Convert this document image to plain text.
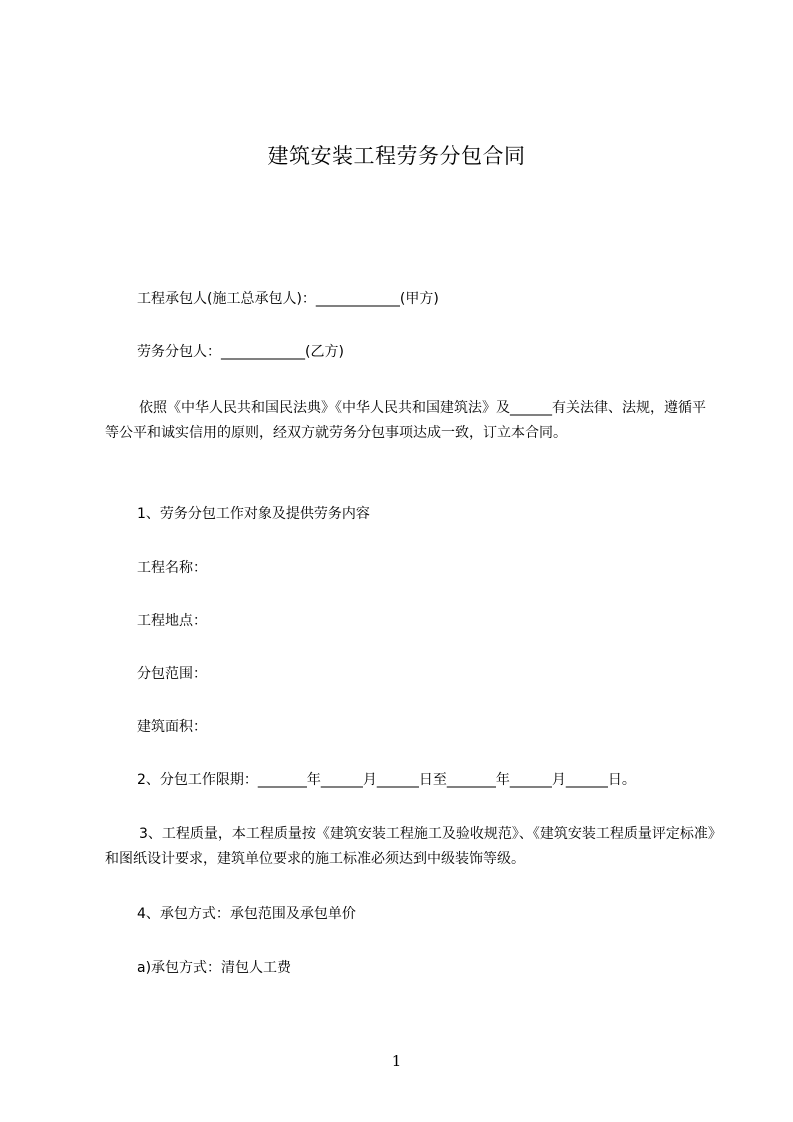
建筑安装工程劳务分包合同

工程承包人(施工总承包人)：____________(甲方)

劳务分包人：____________(乙方)

依照《中华人民共和国民法典》《中华人民共和国建筑法》及______有关法律、法规，遵循平等公平和诚实信用的原则，经双方就劳务分包事项达成一致，订立本合同。

1、劳务分包工作对象及提供劳务内容

工程名称：

工程地点：

分包范围：

建筑面积：

2、分包工作限期：_______年______月______日至_______年______月______日。

3、工程质量，本工程质量按《建筑安装工程施工及验收规范》、《建筑安装工程质量评定标准》和图纸设计要求，建筑单位要求的施工标准必须达到中级装饰等级。

4、承包方式：承包范围及承包单价

a)承包方式：清包人工费

1
